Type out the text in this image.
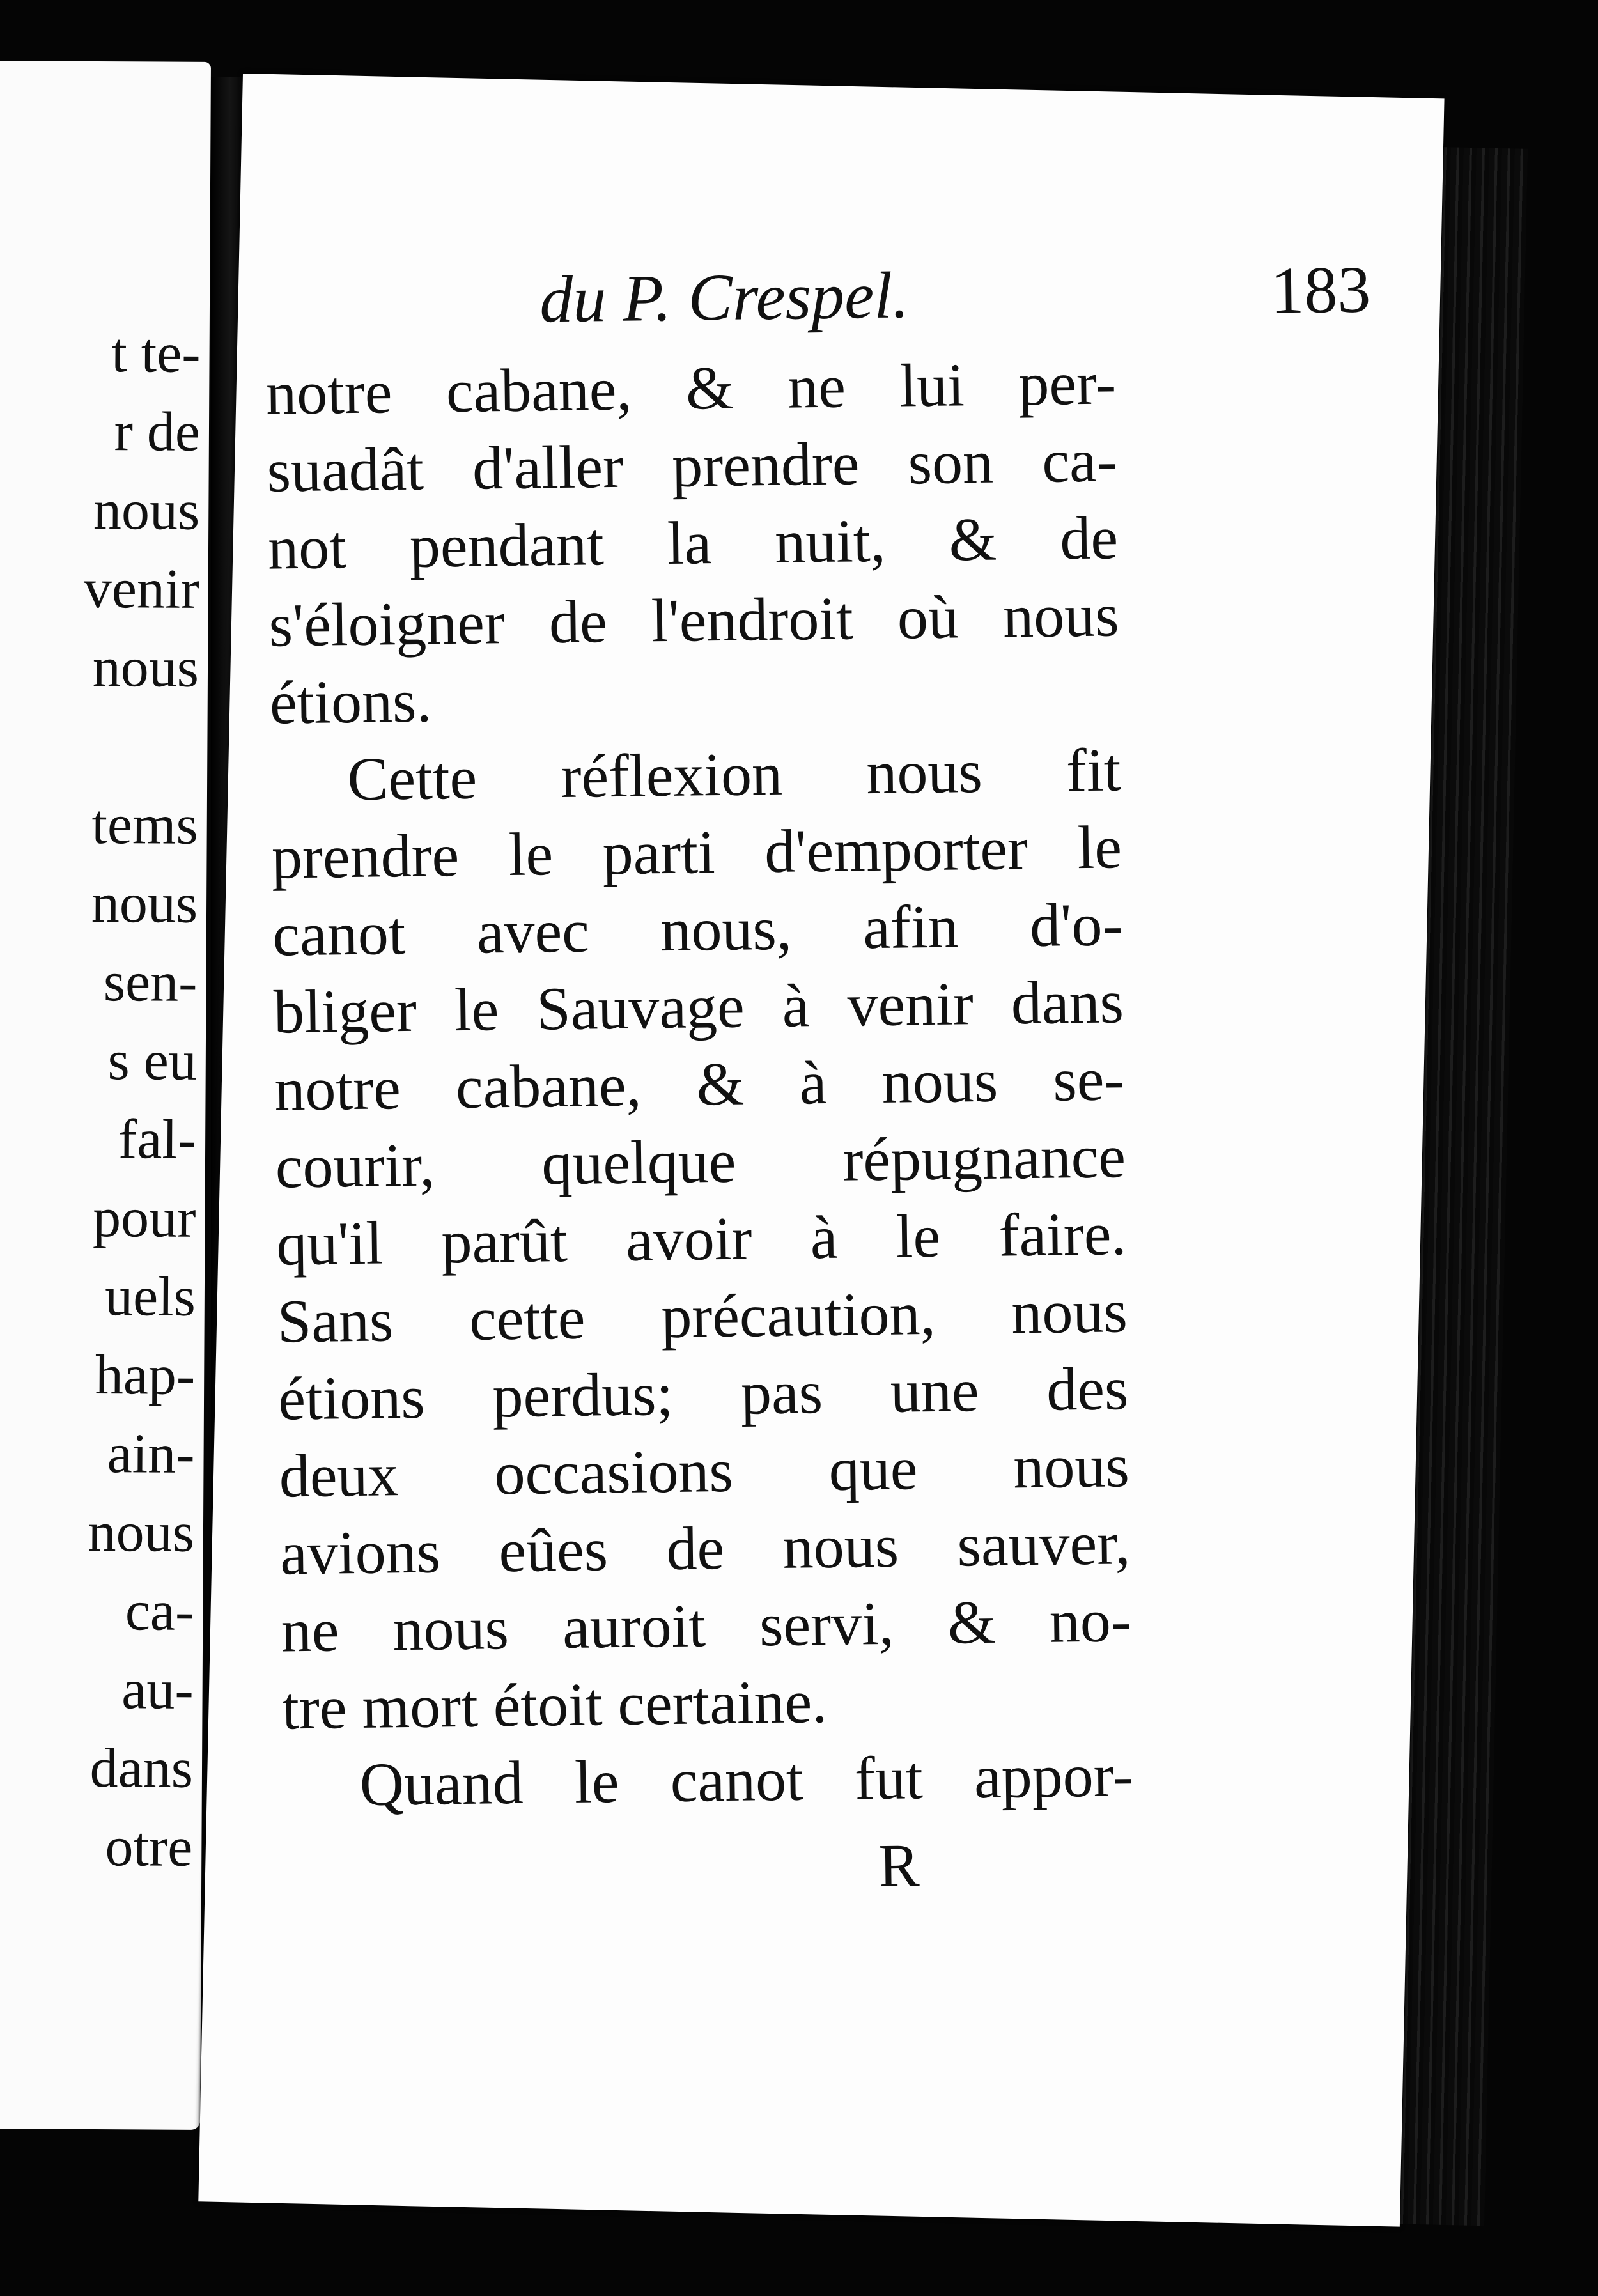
t te-
r de
nous
venir
nous
tems
nous
sen-
s eu
fal-
pour
uels
hap-
ain-
nous
ca-
au-
dans
otre
du P. Crespel.	183
notre cabane, & ne lui per-
suadât d'aller prendre son ca-
not pendant la nuit, & de
s'éloigner de l'endroit où nous
étions.
Cette réflexion nous fit
prendre le parti d'emporter le
canot avec nous, afin d'o-
bliger le Sauvage à venir dans
notre cabane, & à nous se-
courir, quelque répugnance
qu'il parût avoir à le faire.
Sans cette précaution, nous
étions perdus; pas une des
deux occasions que nous
avions eûes de nous sauver,
ne nous auroit servi, & no-
tre mort étoit certaine.
Quand le canot fut appor-
R
